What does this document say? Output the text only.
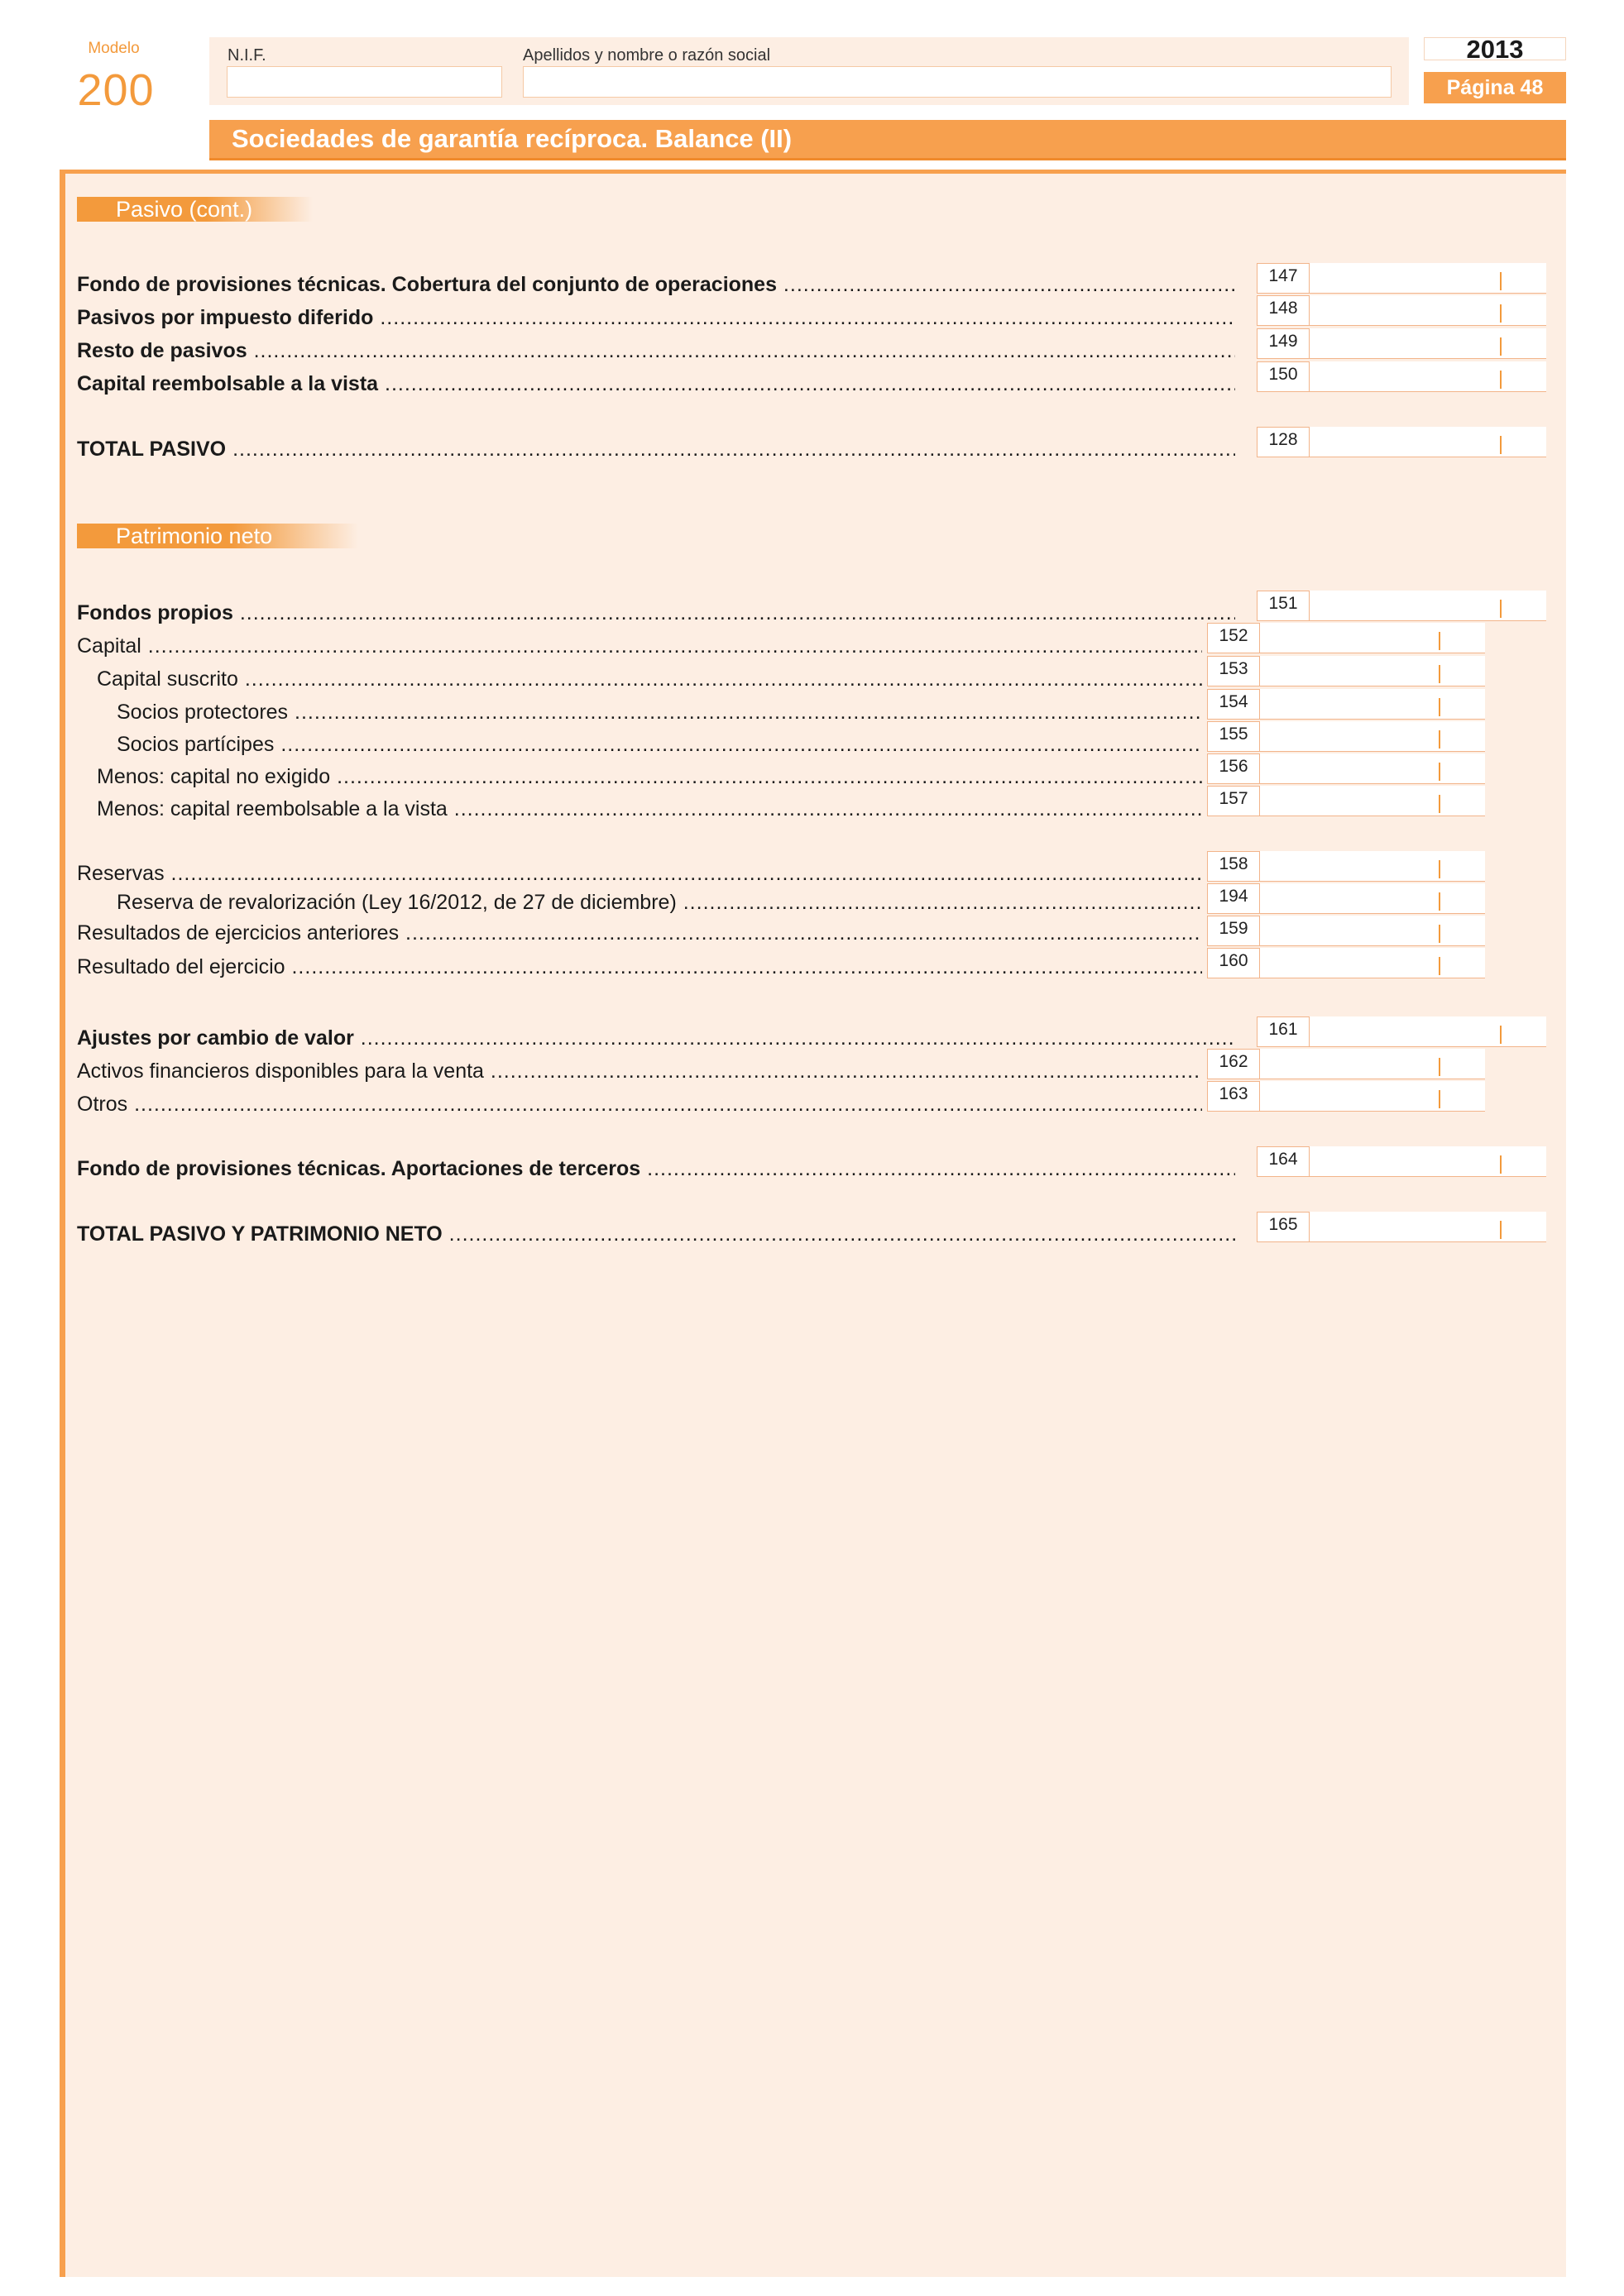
Modelo
200
N.I.F.	Apellidos y nombre o razón social	2013
Página 48
Sociedades de garantía recíproca. Balance (II)
Pasivo (cont.)
Patrimonio neto
Fondo de provisiones técnicas. Cobertura del conjunto de operaciones .....	147
Pasivos por impuesto diferido .....	148
Resto de pasivos .....	149
Capital reembolsable a la vista .....	150
TOTAL PASIVO .....	128
Fondos propios .....	151
Capital .....	152
Capital suscrito .....	153
Socios protectores .....	154
Socios partícipes .....	155
Menos: capital no exigido .....	156
Menos: capital reembolsable a la vista .....	157
Reservas .....	158
Reserva de revalorización (Ley 16/2012, de 27 de diciembre) .....	194
Resultados de ejercicios anteriores .....	159
Resultado del ejercicio .....	160
Ajustes por cambio de valor .....	161
Activos financieros disponibles para la venta .....	162
Otros .....	163
Fondo de provisiones técnicas. Aportaciones de terceros .....	164
TOTAL PASIVO Y PATRIMONIO NETO .....	165
